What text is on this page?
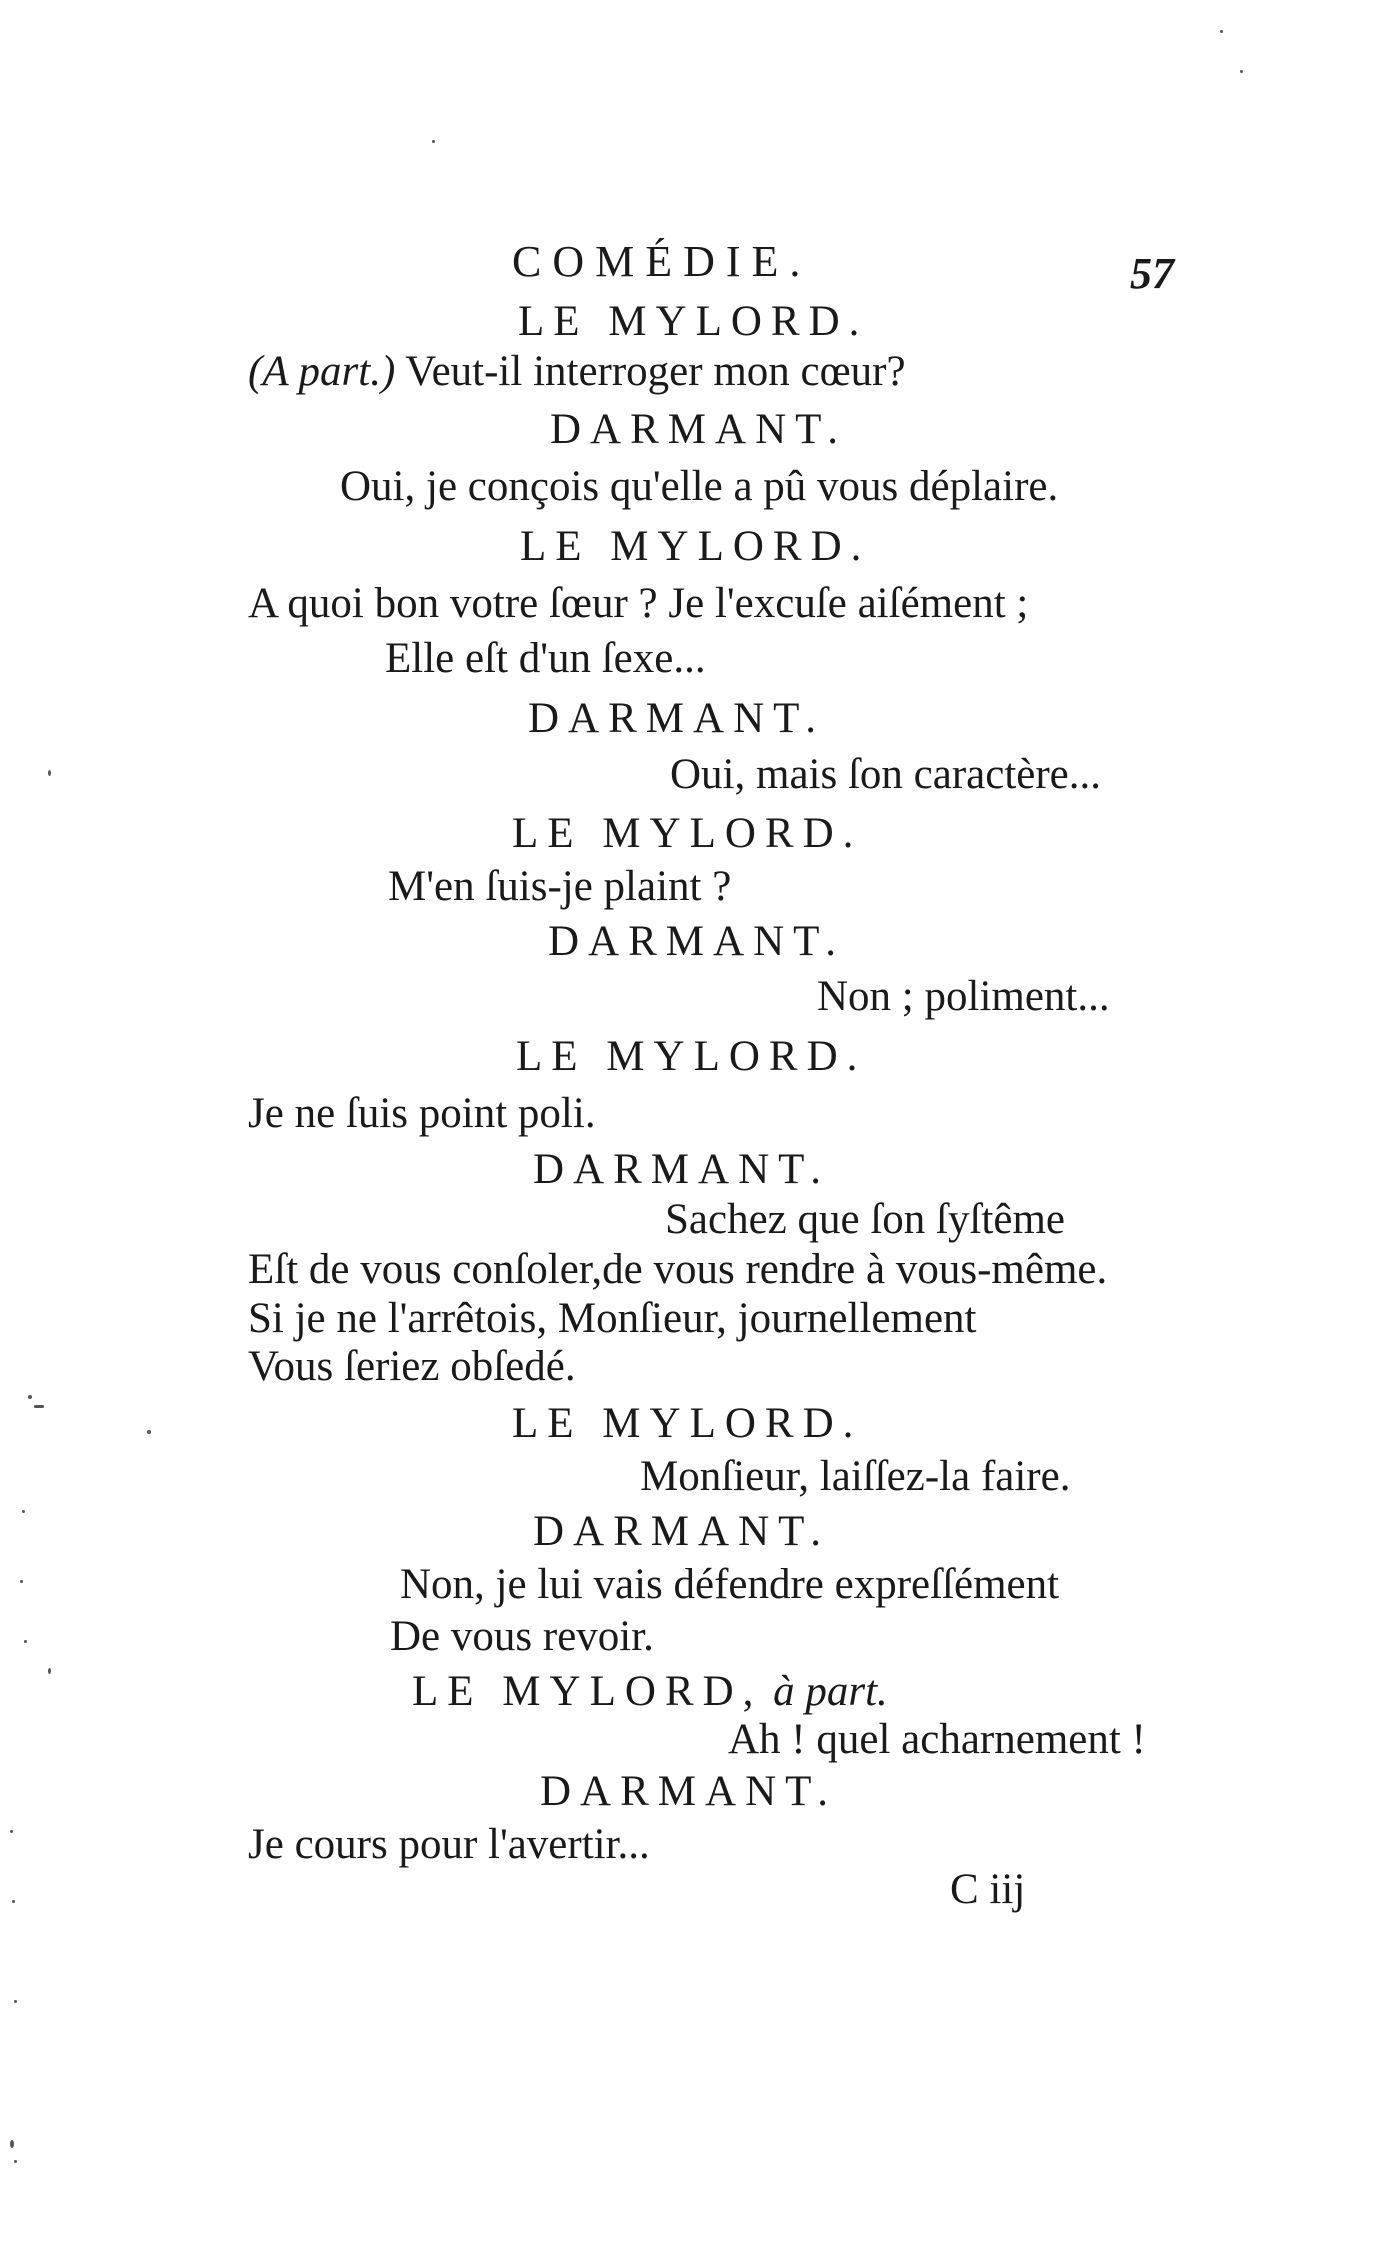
COMÉDIE.	57
LE MYLORD.
(A part.) Veut-il interroger mon cœur?
DARMANT.
Oui, je conçois qu'elle a pû vous déplaire.
LE MYLORD.
A quoi bon votre ſœur ? Je l'excuſe aiſément ;
Elle eſt d'un ſexe...
DARMANT.
Oui, mais ſon caractère...
LE MYLORD.
M'en ſuis-je plaint ?
DARMANT.
Non ; poliment...
LE MYLORD.
Je ne ſuis point poli.
DARMANT.
Sachez que ſon ſyſtême
Eſt de vous conſoler,de vous rendre à vous-même.
Si je ne l'arrêtois, Monſieur, journellement
Vous ſeriez obſedé.
LE MYLORD.
Monſieur, laiſſez-la faire.
DARMANT.
Non, je lui vais défendre expreſſément
De vous revoir.
LE MYLORD, à part.
Ah ! quel acharnement !
DARMANT.
Je cours pour l'avertir...
C iij
